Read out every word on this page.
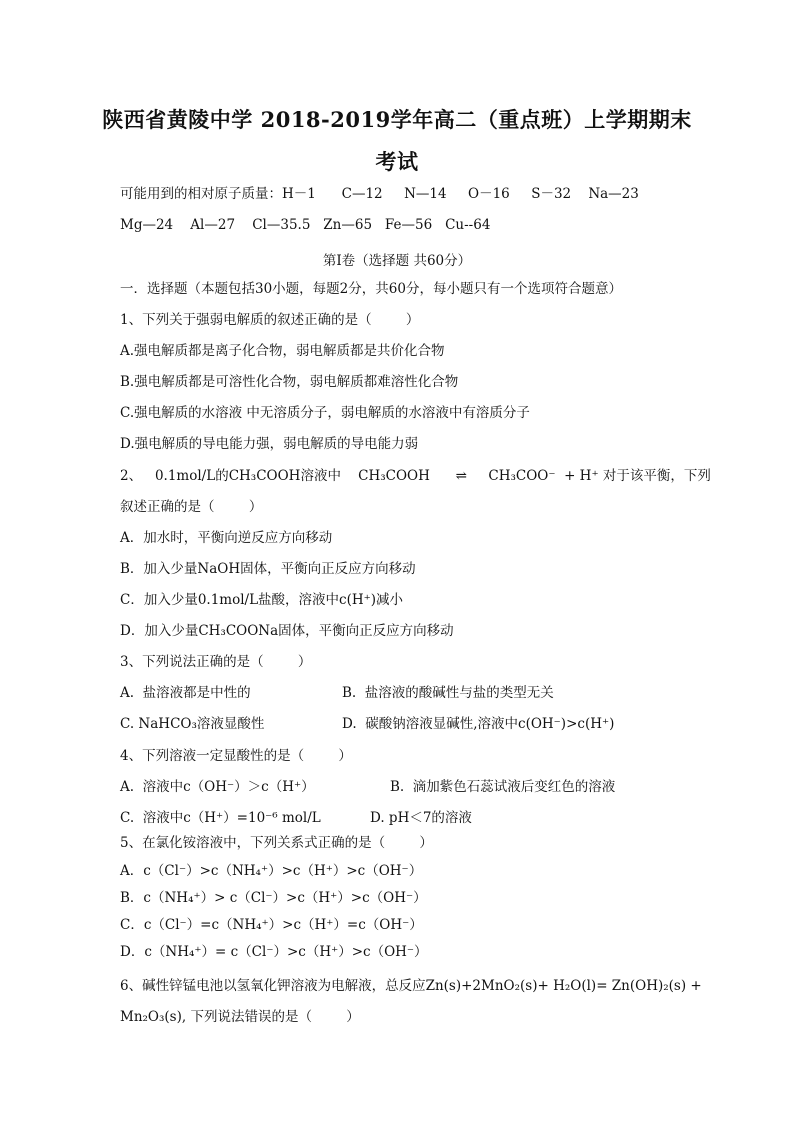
陕西省黄陵中学 2018-2019学年高二（重点班）上学期期末
考试
可能用到的相对原子质量：H－1      C—12     N—14     O－16     S－32    Na—23
Mg—24    Al—27    Cl—35.5   Zn—65   Fe—56   Cu--64
第Ⅰ卷（选择题 共60分）
一．选择题（本题包括30小题，每题2分，共60分，每小题只有一个选项符合题意）
1、下列关于强弱电解质的叙述正确的是（        ）
A.强电解质都是离子化合物，弱电解质都是共价化合物
B.强电解质都是可溶性化合物，弱电解质都难溶性化合物
C.强电解质的水溶液 中无溶质分子，弱电解质的水溶液中有溶质分子
D.强电解质的导电能力强，弱电解质的导电能力弱
2、   0.1mol/L的CH₃COOH溶液中    CH₃COOH      ⇌     CH₃COO⁻  + H⁺ 对于该平衡，下列
叙述正确的是（        ）
A．加水时，平衡向逆反应方向移动
B．加入少量NaOH固体，平衡向正反应方向移动
C．加入少量0.1mol/L盐酸，溶液中c(H⁺)减小
D．加入少量CH₃COONa固体，平衡向正反应方向移动
3、下列说法正确的是（        ）
A.  盐溶液都是中性的	B.  盐溶液的酸碱性与盐的类型无关
C. NaHCO₃溶液显酸性	D.  碳酸钠溶液显碱性,溶液中c(OH⁻)>c(H⁺)
4、下列溶液一定显酸性的是（        ）
A.  溶液中c（OH⁻）＞c（H⁺）	B.  滴加紫色石蕊试液后变红色的溶液
C.  溶液中c（H⁺）=10⁻⁶ mol/L	D. pH＜7的溶液
5、在氯化铵溶液中，下列关系式正确的是（        ）
A．c（Cl⁻）>c（NH₄⁺）>c（H⁺）>c（OH⁻）
B．c（NH₄⁺）> c（Cl⁻）>c（H⁺）>c（OH⁻）
C．c（Cl⁻）=c（NH₄⁺）>c（H⁺）=c（OH⁻）
D．c（NH₄⁺）= c（Cl⁻）>c（H⁺）>c（OH⁻）
6、碱性锌锰电池以氢氧化钾溶液为电解液，总反应Zn(s)+2MnO₂(s)+ H₂O(l)= Zn(OH)₂(s) +
Mn₂O₃(s), 下列说法错误的是（        ）
